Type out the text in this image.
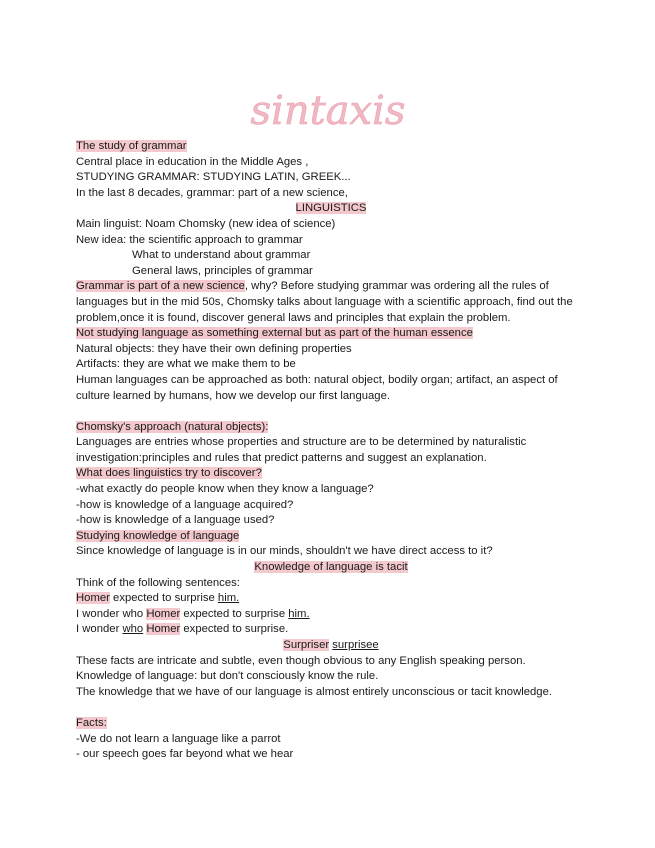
sintaxis
The study of grammar
Central place in education in the Middle Ages ,
STUDYING GRAMMAR: STUDYING LATIN, GREEK...
In the last 8 decades, grammar: part of a new science,
LINGUISTICS
Main linguist: Noam Chomsky (new idea of science)
New idea: the scientific approach to grammar
What to understand about grammar
General laws, principles of grammar
Grammar is part of a new science, why? Before studying grammar was ordering all the rules of languages but in the mid 50s, Chomsky talks about language with a scientific approach, find out the problem,once it is found, discover general laws and principles that explain the problem.
Not studying language as something external but as part of the human essence
Natural objects: they have their own defining properties
Artifacts: they are what we make them to be
Human languages can be approached as both: natural object, bodily organ; artifact, an aspect of culture learned by humans, how we develop our first language.
Chomsky's approach (natural objects):
Languages are entries whose properties and structure are to be determined by naturalistic investigation:principles and rules that predict patterns and suggest an explanation.
What does linguistics try to discover?
-what exactly do people know when they know a language?
-how is knowledge of a language acquired?
-how is knowledge of a language used?
Studying knowledge of language
Since knowledge of language is in our minds, shouldn't we have direct access to it?
Knowledge of language is tacit
Think of the following sentences:
Homer expected to surprise him.
I wonder who Homer expected to surprise him.
I wonder who Homer expected to surprise.
Surpriser surprisee
These facts are intricate and subtle, even though obvious to any English speaking person.
Knowledge of language: but don't consciously know the rule.
The knowledge that we have of our language is almost entirely unconscious or tacit knowledge.
Facts:
-We do not learn a language like a parrot
- our speech goes far beyond what we hear
